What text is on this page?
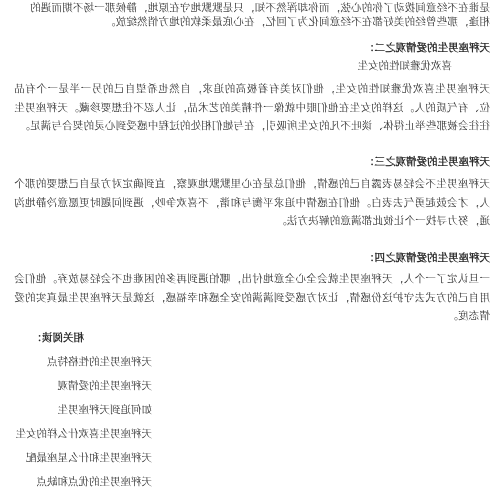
是谁在不经意间拨动了你的心弦，而你却浑然不知，只是默默地守在原地，静候那一场不期而遇的
相逢，那些曾经的美好都在不经意间化为了回忆，在心底最柔软的地方悄然绽放。
天秤座男生的爱情观之二：
喜欢优雅知性的女生
天秤座男生喜欢优雅知性的女生，他们对美有着极高的追求，自然也希望自己的另一半是一个有品位、有气质的人。这样的女生在他们眼中就像一件精美的艺术品，让人忍不住想要珍藏。天秤座男生往往会被那些举止得体、谈吐不凡的女生所吸引，在与她们相处的过程中感受到心灵的契合与满足。
天秤座男生的爱情观之三：
天秤座男生不会轻易表露自己的感情，他们总是在心里默默地观察，直到确定对方是自己想要的那个人，才会鼓起勇气去表白。他们在感情中追求平衡与和谐，不喜欢争吵，遇到问题时更愿意冷静地沟通，努力寻找一个让彼此都满意的解决方法。
天秤座男生的爱情观之四：
一旦认定了一个人，天秤座男生就会全心全意地付出，哪怕遇到再多的困难也不会轻易放弃。他们会用自己的方式去守护这份感情，让对方感受到满满的安全感和幸福感，这就是天秤座男生最真实的爱情态度。
相关阅读：
天秤座男生的性格特点
天秤座男生的爱情观
如何追到天秤座男生
天秤座男生喜欢什么样的女生
天秤座男生和什么星座最配
天秤座男生的优点和缺点
